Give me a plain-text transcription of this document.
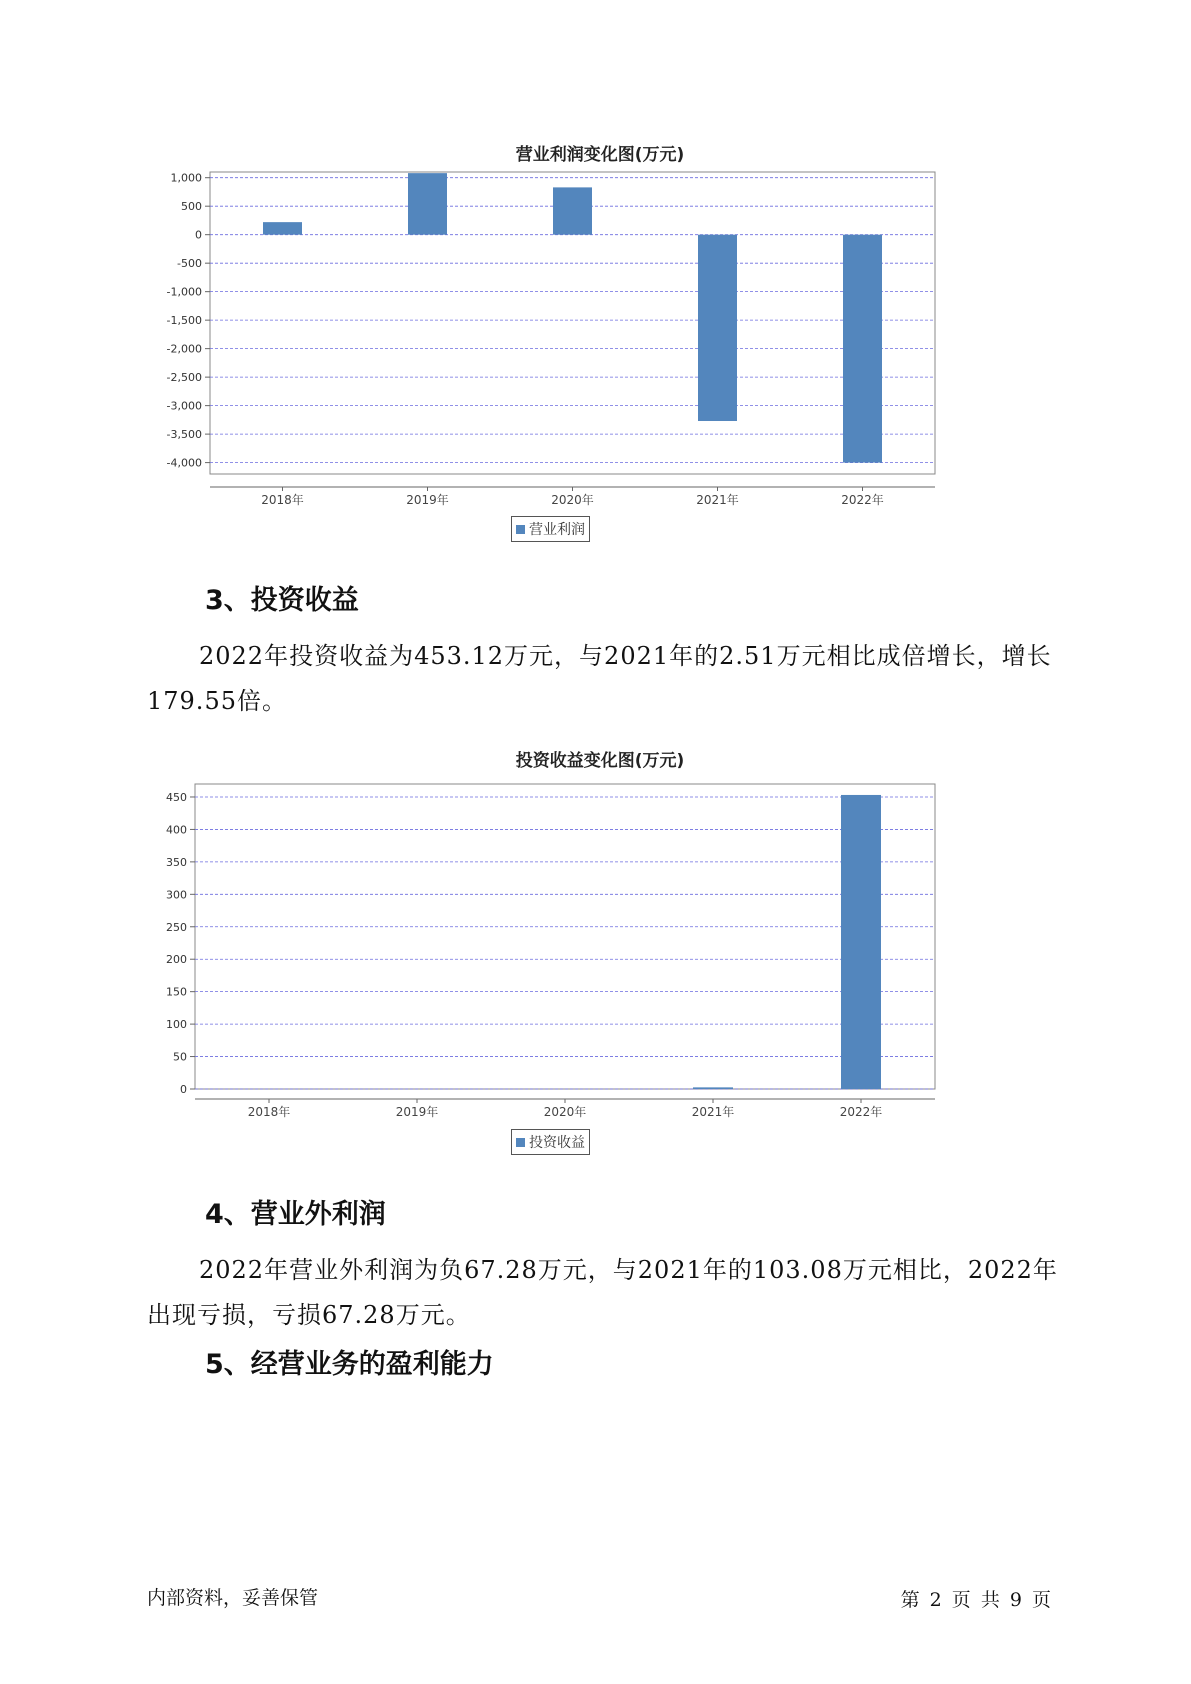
营业利润变化图(万元)
1,000
500
0
-500
-1,000
-1,500
-2,000
-2,500
-3,000
-3,500
-4,000
2018年	2019年	2020年	2021年	2022年
营业利润
3、投资收益
2022年投资收益为453.12万元，与2021年的2.51万元相比成倍增长，增长179.55倍。
投资收益变化图(万元)
450
400
350
300
250
200
150
100
50
0
2018年	2019年	2020年	2021年	2022年
投资收益
4、营业外利润
2022年营业外利润为负67.28万元，与2021年的103.08万元相比，2022年出现亏损，亏损67.28万元。
5、经营业务的盈利能力
内部资料，妥善保管	第 2 页 共 9 页
